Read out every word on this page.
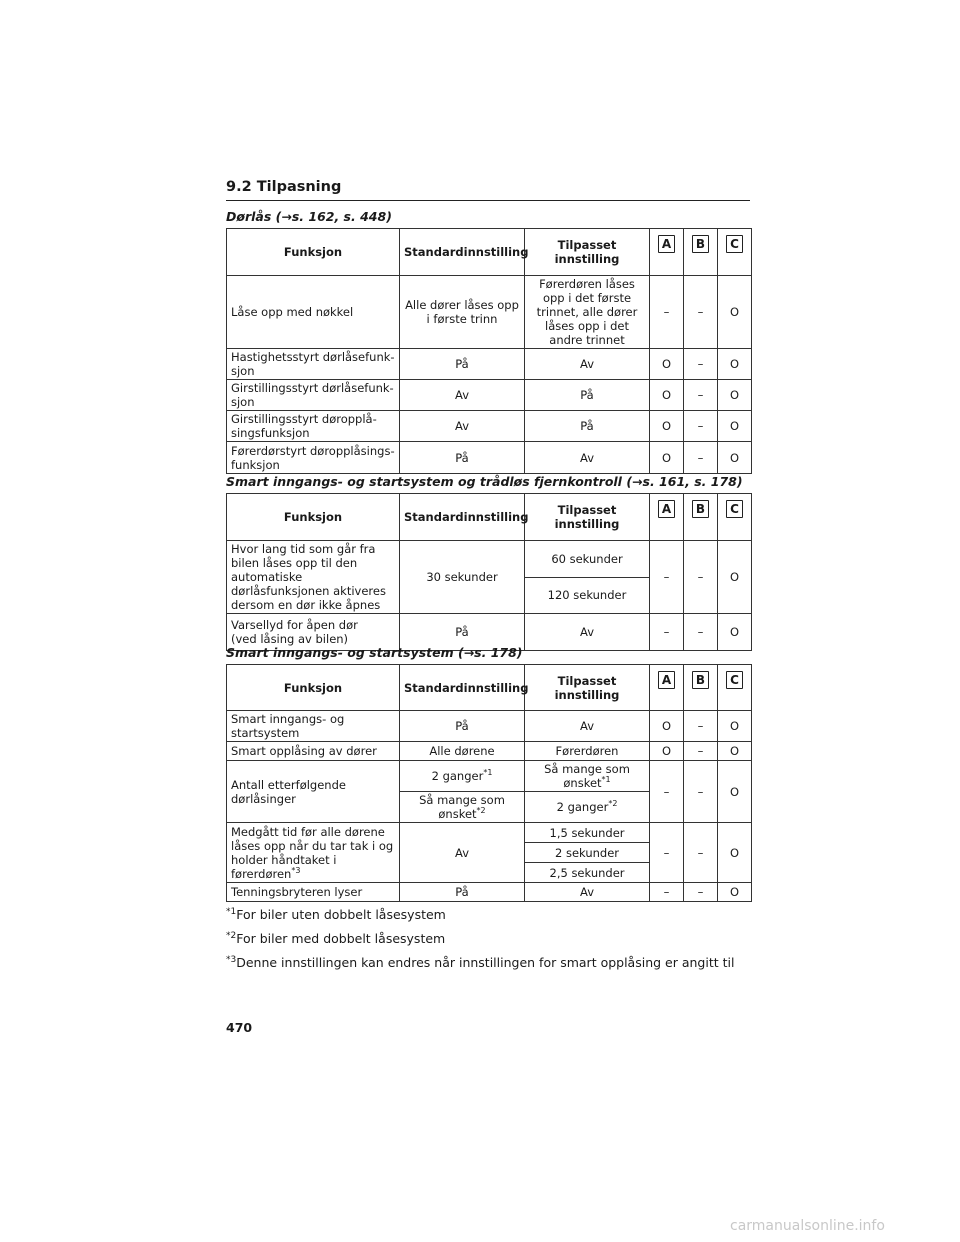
9.2 Tilpasning
Dørlås (→s. 162, s. 448)
Funksjon	Standardinnstilling	Tilpasset innstilling	A	B	C
Låse opp med nøkkel	Alle dører låses opp i første trinn	Førerdøren låses opp i det første trinnet, alle dører låses opp i det andre trinnet	–	–	O
Hastighetsstyrt dørlåsefunk-
sjon	På	Av	O	–	O
Girstillingsstyrt dørlåsefunk-
sjon	Av	På	O	–	O
Girstillingsstyrt døropplå-
singsfunksjon	Av	På	O	–	O
Førerdørstyrt døropplåsings-
funksjon	På	Av	O	–	O
Smart inngangs- og startsystem og trådløs fjernkontroll (→s. 161, s. 178)
Funksjon	Standardinnstilling	Tilpasset innstilling	A	B	C
Hvor lang tid som går fra bilen låses opp til den automatiske dørlåsfunksjonen aktiveres dersom en dør ikke åpnes	30 sekunder	60 sekunder	–	–	O
		120 sekunder			
Varsellyd for åpen dør
(ved låsing av bilen)	På	Av	–	–	O
Smart inngangs- og startsystem (→s. 178)
Funksjon	Standardinnstilling	Tilpasset innstilling	A	B	C
Smart inngangs- og
startsystem	På	Av	O	–	O
Smart opplåsing av dører	Alle dørene	Førerdøren	O	–	O
Antall etterfølgende
dørlåsinger	2 ganger$^{*1}$	Så mange som ønsket$^{*1}$	–	–	O
	Så mange som ønsket$^{*2}$	2 ganger$^{*2}$
Medgått tid før alle dørene låses opp når du tar tak i og holder håndtaket i førerdøren$^{*3}$	Av	1,5 sekunder	–	–	O
		2 sekunder			
		2,5 sekunder			
Tenningsbryteren lyser	På	Av	–	–	O
$^{*1}$For biler uten dobbelt låsesystem
$^{*2}$For biler med dobbelt låsesystem
$^{*3}$Denne innstillingen kan endres når innstillingen for smart opplåsing er angitt til
470
carmanualsonline.info
